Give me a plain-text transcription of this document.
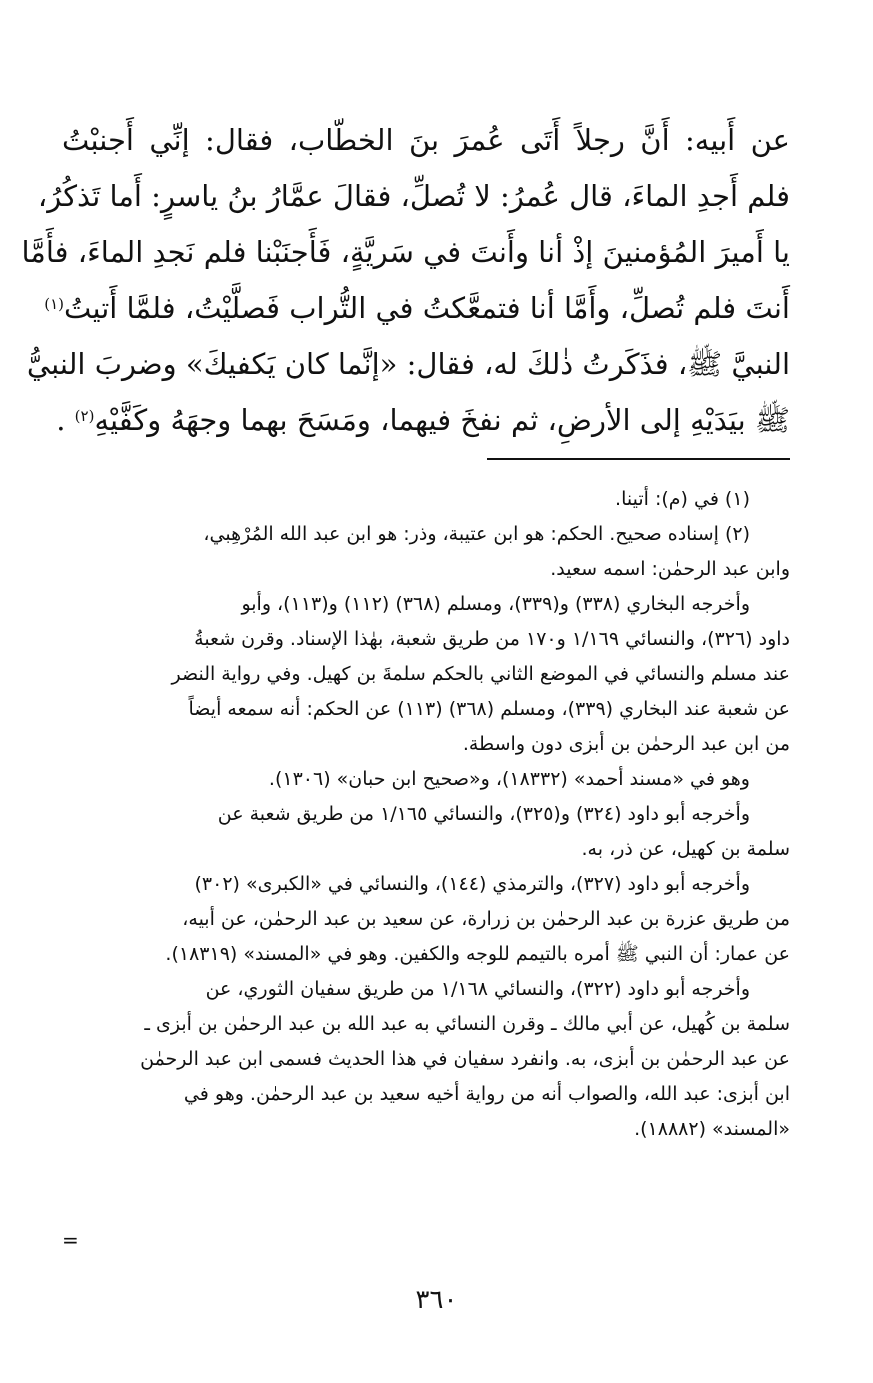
عن أَبيه: أَنَّ رجلاً أَتَى عُمرَ بنَ الخطّاب، فقال: إنِّي أَجنبْتُ
فلم أَجدِ الماءَ، قال عُمرُ: لا تُصلِّ، فقالَ عمَّارُ بنُ ياسرٍ: أَما تَذكُرُ،
يا أَميرَ المُؤمنينَ إذْ أنا وأَنتَ في سَريَّةٍ، فَأَجنَبْنا فلم نَجدِ الماءَ، فأَمَّا
أَنتَ فلم تُصلِّ، وأَمَّا أنا فتمعَّكتُ في التُّراب فَصلَّيْتُ، فلمَّا أَتيتُ$^{(١)}$
النبيَّ ﷺ، فذَكَرتُ ذٰلكَ له، فقال: «إنَّما كان يَكفيكَ» وضربَ النبيُّ
ﷺ بيَدَيْهِ إلى الأرضِ، ثم نفخَ فيهما، ومَسَحَ بهما وجهَهُ وكَفَّيْهِ$^{(٢)}$ .

(١) في (م): أتينا.

(٢) إسناده صحيح. الحكم: هو ابن عتيبة، وذر: هو ابن عبد الله المُرْهِبي،
وابن عبد الرحمٰن: اسمه سعيد.

وأخرجه البخاري (٣٣٨) و(٣٣٩)، ومسلم (٣٦٨) (١١٢) و(١١٣)، وأبو
داود (٣٢٦)، والنسائي ١/١٦٩ و١٧٠ من طريق شعبة، بهٰذا الإسناد. وقرن شعبةُ
عند مسلم والنسائي في الموضع الثاني بالحكم سلمةَ بن كهيل. وفي رواية النضر
عن شعبة عند البخاري (٣٣٩)، ومسلم (٣٦٨) (١١٣) عن الحكم: أنه سمعه أيضاً
من ابن عبد الرحمٰن بن أبزى دون واسطة.

وهو في «مسند أحمد» (١٨٣٣٢)، و«صحيح ابن حبان» (١٣٠٦).

وأخرجه أبو داود (٣٢٤) و(٣٢٥)، والنسائي ١/١٦٥ من طريق شعبة عن
سلمة بن كهيل، عن ذر، به.

وأخرجه أبو داود (٣٢٧)، والترمذي (١٤٤)، والنسائي في «الكبرى» (٣٠٢)
من طريق عزرة بن عبد الرحمٰن بن زرارة، عن سعيد بن عبد الرحمٰن، عن أبيه،
عن عمار: أن النبي ﷺ أمره بالتيمم للوجه والكفين. وهو في «المسند» (١٨٣١٩).

وأخرجه أبو داود (٣٢٢)، والنسائي ١/١٦٨ من طريق سفيان الثوري، عن
سلمة بن كُهيل، عن أبي مالك ـ وقرن النسائي به عبد الله بن عبد الرحمٰن بن أبزى ـ
عن عبد الرحمٰن بن أبزى، به. وانفرد سفيان في هذا الحديث فسمى ابن عبد الرحمٰن
ابن أبزى: عبد الله، والصواب أنه من رواية أخيه سعيد بن عبد الرحمٰن. وهو في
«المسند» (١٨٨٨٢).

=
٣٦٠
